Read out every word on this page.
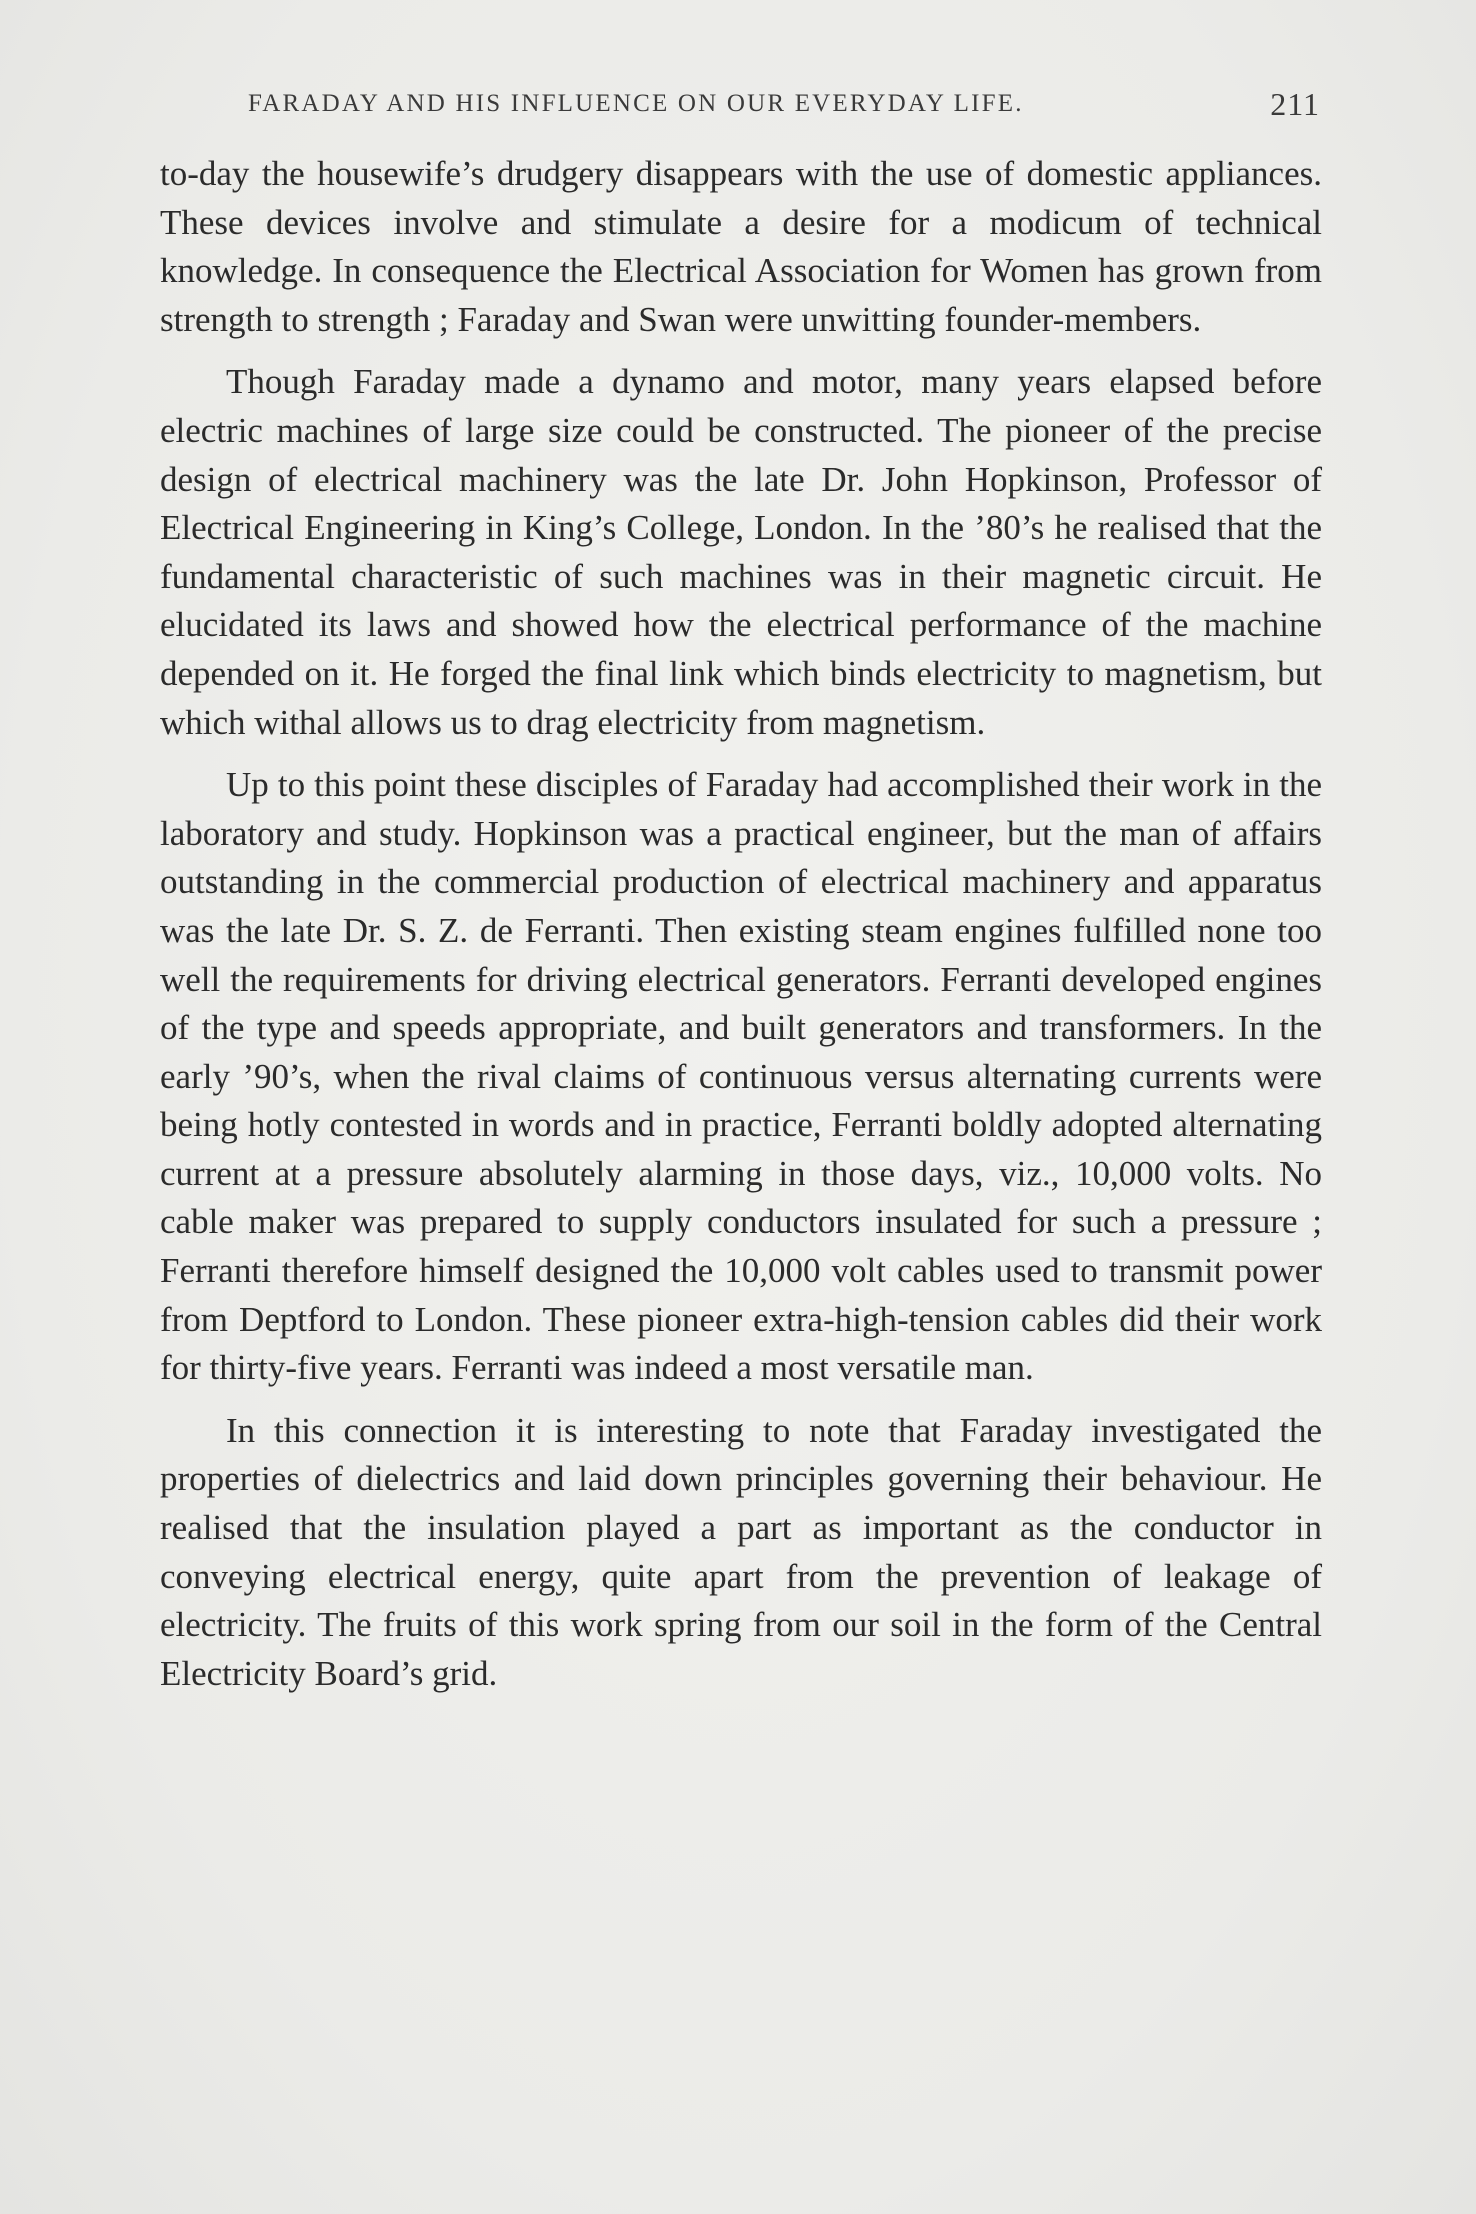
FARADAY AND HIS INFLUENCE ON OUR EVERYDAY LIFE.	211

to-day the housewife’s drudgery disappears with the use of domestic appliances. These devices involve and stimulate a desire for a modicum of technical knowledge. In consequence the Electrical Association for Women has grown from strength to strength ; Faraday and Swan were unwitting founder-members.

Though Faraday made a dynamo and motor, many years elapsed before electric machines of large size could be constructed. The pioneer of the precise design of electrical machinery was the late Dr. John Hopkinson, Professor of Electrical Engineering in King’s College, London. In the ’80’s he realised that the fundamental characteristic of such machines was in their magnetic circuit. He elucidated its laws and showed how the electrical performance of the machine depended on it. He forged the final link which binds electricity to magnetism, but which withal allows us to drag electricity from magnetism.

Up to this point these disciples of Faraday had accomplished their work in the laboratory and study. Hopkinson was a practical engineer, but the man of affairs outstanding in the commercial production of electrical machinery and apparatus was the late Dr. S. Z. de Ferranti. Then existing steam engines fulfilled none too well the requirements for driving electrical generators. Ferranti developed engines of the type and speeds appropriate, and built generators and transformers. In the early ’90’s, when the rival claims of continuous versus alternating currents were being hotly contested in words and in practice, Ferranti boldly adopted alternating current at a pressure absolutely alarming in those days, viz., 10,000 volts. No cable maker was prepared to supply conductors insulated for such a pressure ; Ferranti therefore himself designed the 10,000 volt cables used to transmit power from Deptford to London. These pioneer extra-high-tension cables did their work for thirty-five years. Ferranti was indeed a most versatile man.

In this connection it is interesting to note that Faraday investigated the properties of dielectrics and laid down principles governing their behaviour. He realised that the insulation played a part as important as the conductor in conveying electrical energy, quite apart from the prevention of leakage of electricity. The fruits of this work spring from our soil in the form of the Central Electricity Board’s grid.
